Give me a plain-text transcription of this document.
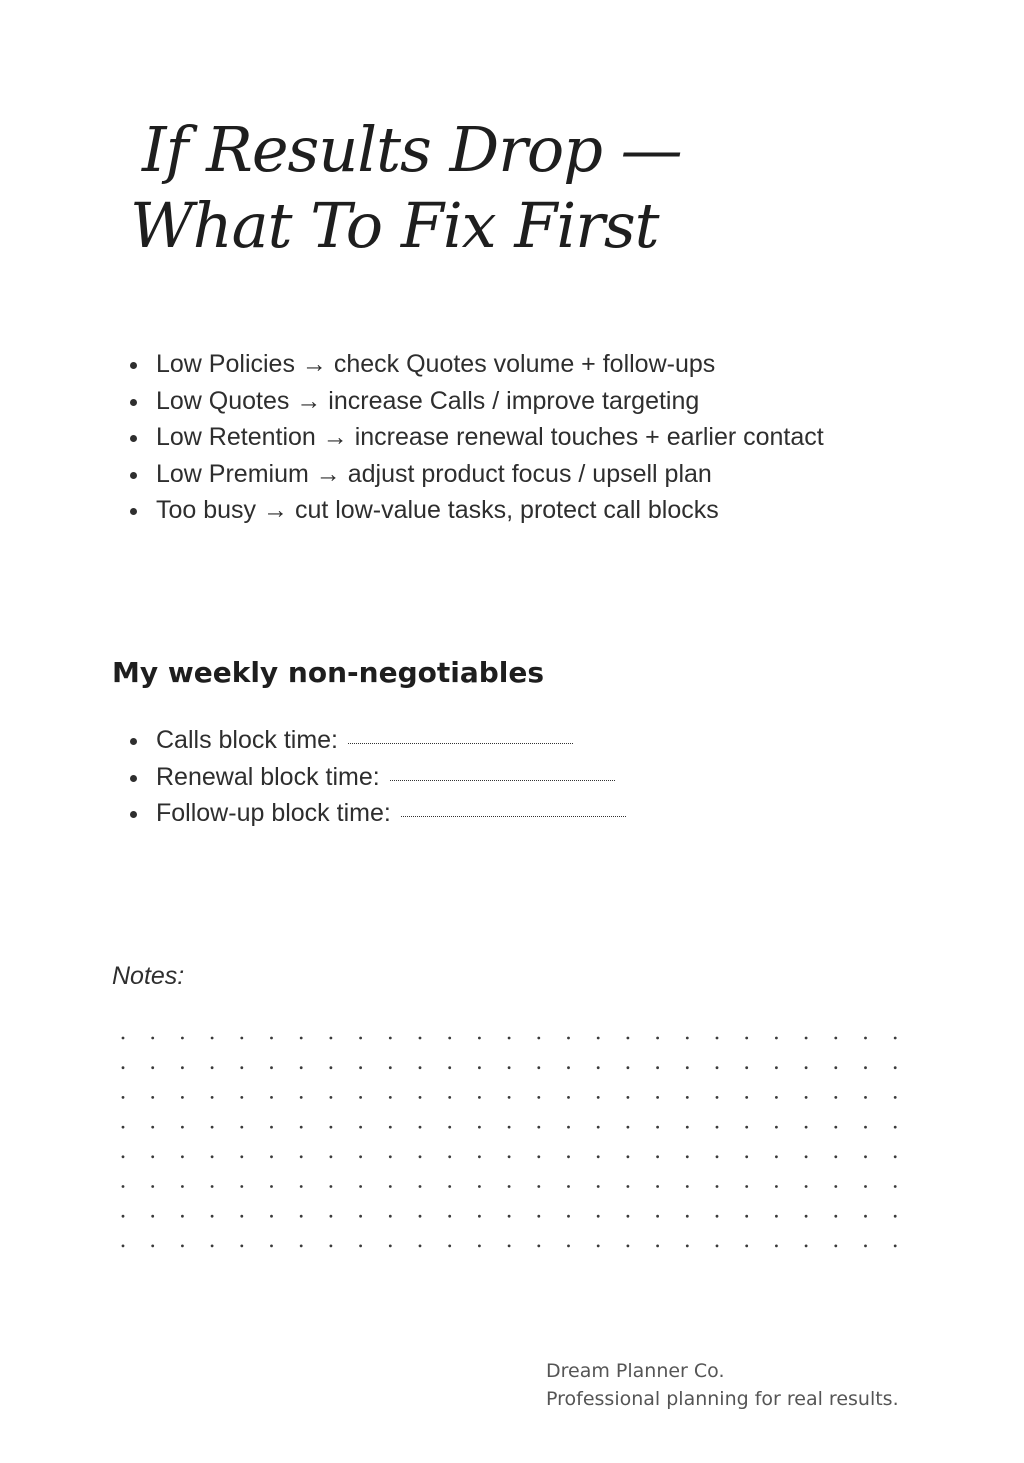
If Results Drop —
What To Fix First
Low Policies → check Quotes volume + follow-ups
Low Quotes → increase Calls / improve targeting
Low Retention → increase renewal touches + earlier contact
Low Premium → adjust product focus / upsell plan
Too busy → cut low-value tasks, protect call blocks
My weekly non-negotiables
Calls block time:
Renewal block time:
Follow-up block time:

Notes:

Dream Planner Co.
Professional planning for real results.
